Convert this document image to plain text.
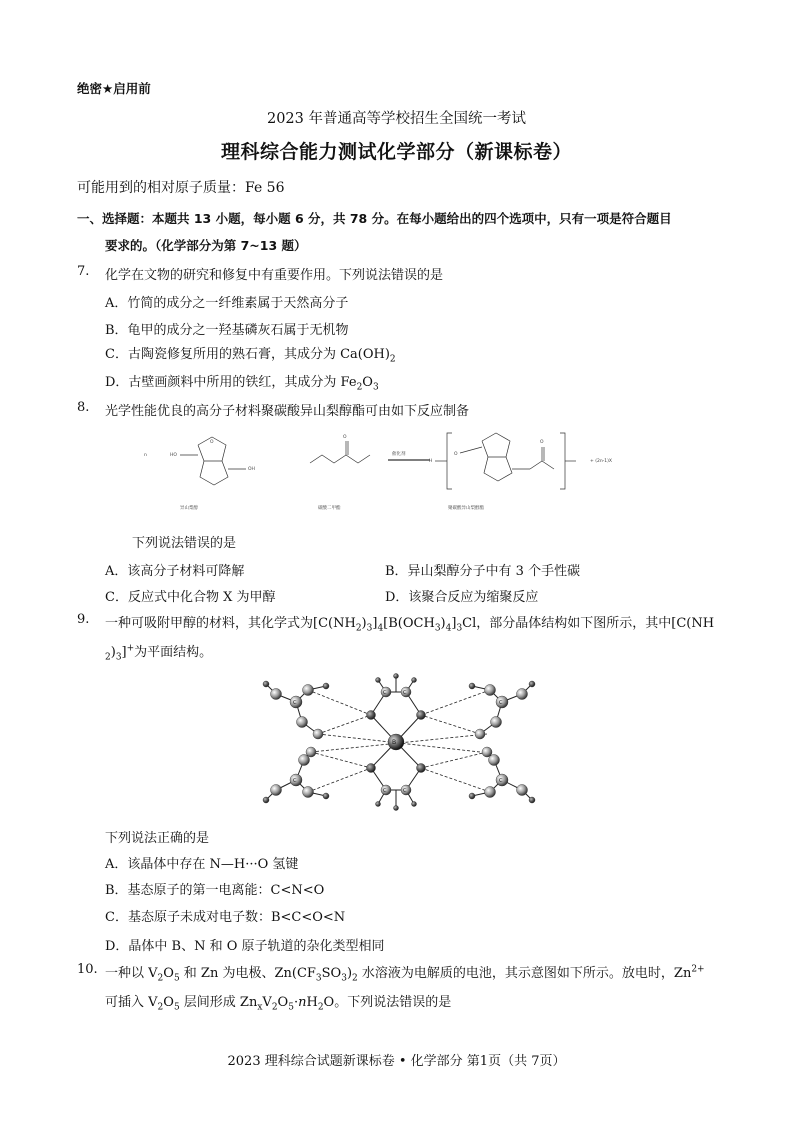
绝密★启用前
2023 年普通高等学校招生全国统一考试
理科综合能力测试化学部分（新课标卷）
可能用到的相对原子质量：Fe 56
一、选择题：本题共 13 小题，每小题 6 分，共 78 分。在每小题给出的四个选项中，只有一项是符合题目
要求的。（化学部分为第 7~13 题）
7. 化学在文物的研究和修复中有重要作用。下列说法错误的是
A．竹简的成分之一纤维素属于天然高分子
B．龟甲的成分之一羟基磷灰石属于无机物
C．古陶瓷修复所用的熟石膏，其成分为 $Ca(OH)_2$
D．古壁画颜料中所用的铁红，其成分为 $Fe_2O_3$
8. 光学性能优良的高分子材料聚碳酸异山梨醇酯可由如下反应制备
n	HO
OH
O
O
H
O
O
催化剂
+ (2n-1)X
异山梨醇	碳酸二甲酯	聚碳酸异山梨醇酯
下列说法错误的是
A．该高分子材料可降解	B．异山梨醇分子中有 3 个手性碳
C．反应式中化合物 X 为甲醇	D．该聚合反应为缩聚反应
9. 一种可吸附甲醇的材料，其化学式为$[C(NH_2)_3]_4[B(OCH_3)_4]_3Cl$，部分晶体结构如下图所示，其中[C(NH
$_2)_3]^+$为平面结构。
C	C
C	C
C	C
C	C
B
下列说法正确的是
A．该晶体中存在 N—H···O 氢键
B．基态原子的第一电离能：C<N<O
C．基态原子未成对电子数：B<C<O<N
D．晶体中 B、N 和 O 原子轨道的杂化类型相同
10. 一种以 $V_2O_5$ 和 Zn 为电极、$Zn(CF_3SO_3)_2$ 水溶液为电解质的电池，其示意图如下所示。放电时，$Zn^{2+}$
可插入 $V_2O_5$ 层间形成 $Zn_xV_2O_5\cdot nH_2O$。下列说法错误的是
2023 理科综合试题新课标卷 • 化学部分 第1页（共 7页）
